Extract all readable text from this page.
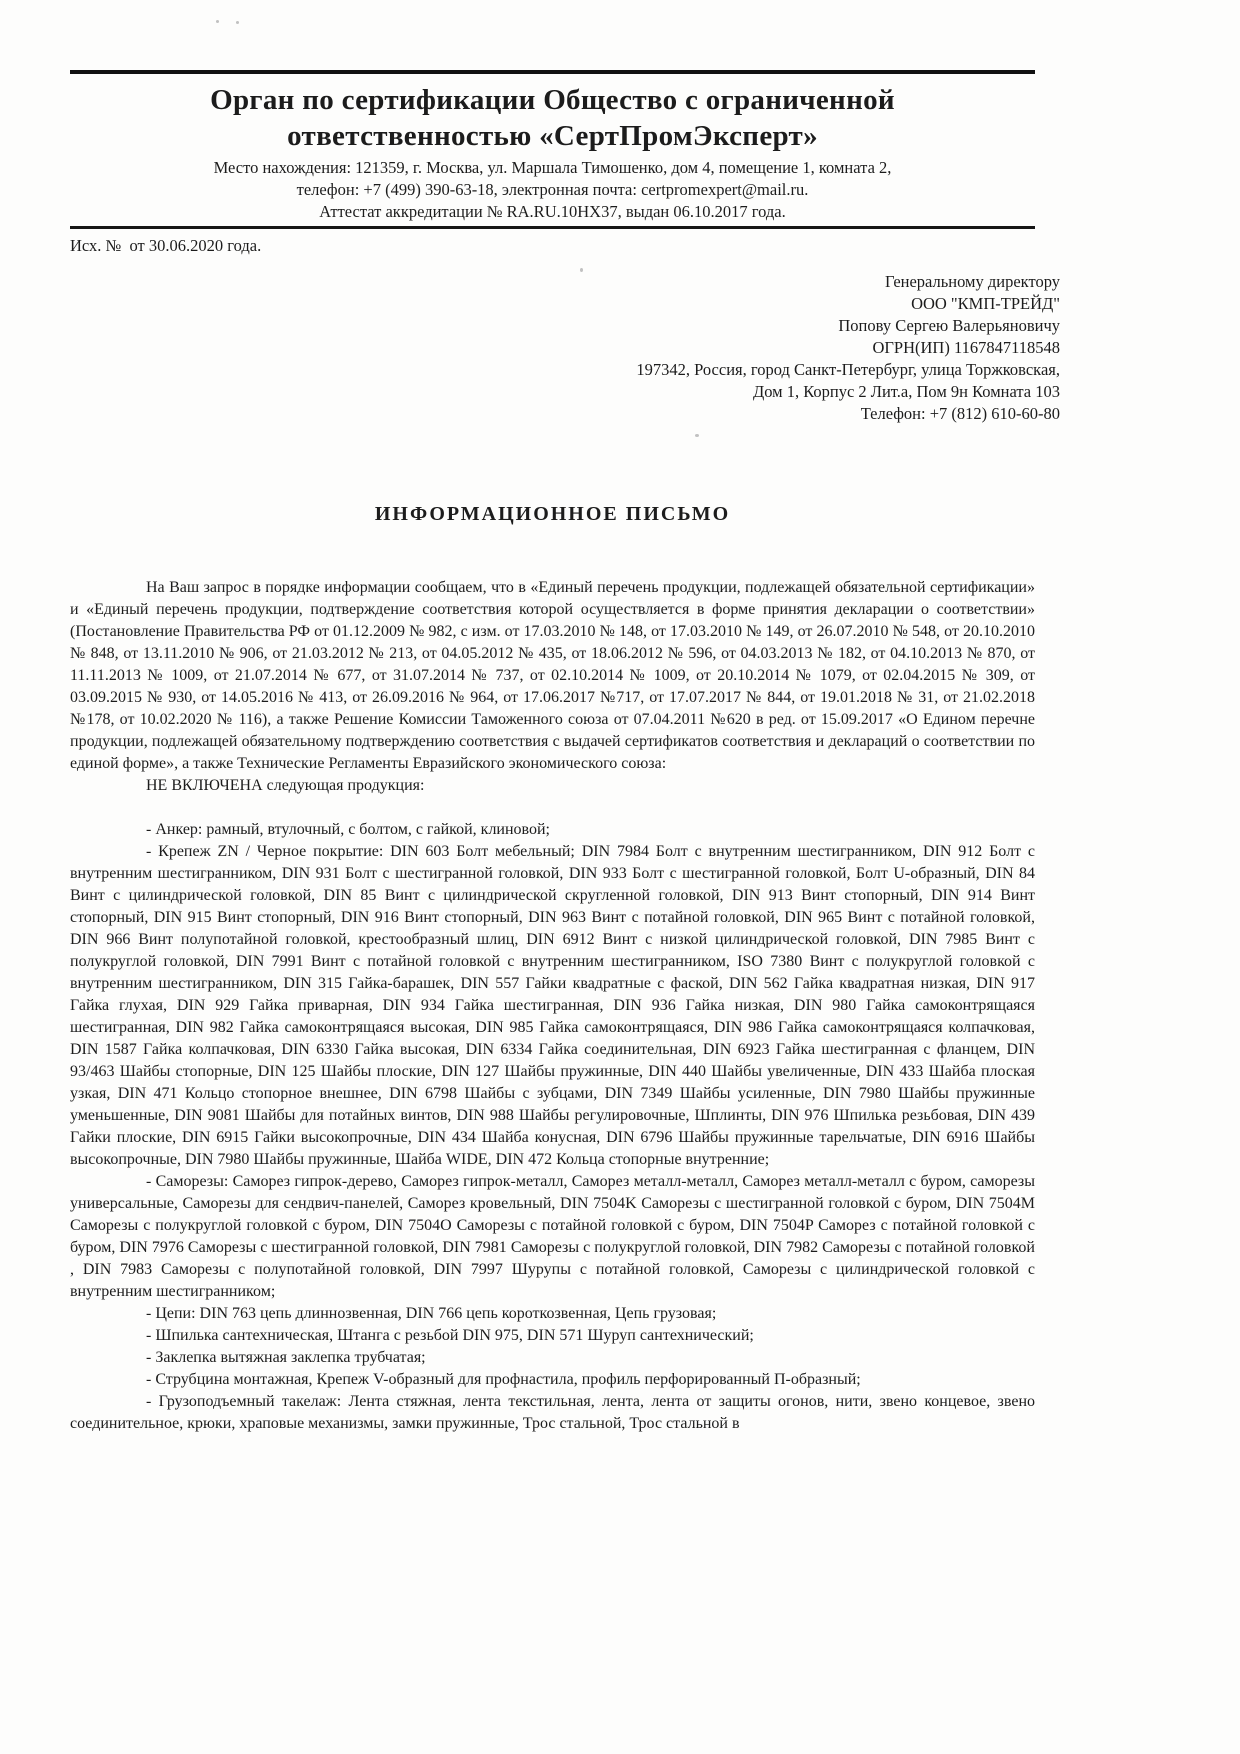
Орган по сертификации Общество с ограниченной
ответственностью «СертПромЭксперт»
Место нахождения: 121359, г. Москва, ул. Маршала Тимошенко, дом 4, помещение 1, комната 2,
телефон: +7 (499) 390-63-18, электронная почта: certpromexpert@mail.ru.
Аттестат аккредитации № RA.RU.10НХ37, выдан 06.10.2017 года.
Исх. №  от 30.06.2020 года.
Генеральному директору
ООО "КМП-ТРЕЙД"
Попову Сергею Валерьяновичу
ОГРН(ИП) 1167847118548
197342, Россия, город Санкт-Петербург, улица Торжковская,
Дом 1, Корпус 2 Лит.а, Пом 9н Комната 103
Телефон: +7 (812) 610-60-80
ИНФОРМАЦИОННОЕ ПИСЬМО

На Ваш запрос в порядке информации сообщаем, что в «Единый перечень продукции, подлежащей обязательной сертификации» и «Единый перечень продукции, подтверждение соответствия которой осуществляется в форме принятия декларации о соответствии» (Постановление Правительства РФ от 01.12.2009 № 982, с изм. от 17.03.2010 № 148, от 17.03.2010 № 149, от 26.07.2010 № 548, от 20.10.2010 № 848, от 13.11.2010 № 906, от 21.03.2012 № 213, от 04.05.2012 № 435, от 18.06.2012 № 596, от 04.03.2013 № 182, от 04.10.2013 № 870, от 11.11.2013 № 1009, от 21.07.2014 № 677, от 31.07.2014 № 737, от 02.10.2014 № 1009, от 20.10.2014 № 1079, от 02.04.2015 № 309, от 03.09.2015 № 930, от 14.05.2016 № 413, от 26.09.2016 № 964, от 17.06.2017 №717, от 17.07.2017 № 844, от 19.01.2018 № 31, от 21.02.2018 №178, от 10.02.2020 № 116), а также Решение Комиссии Таможенного союза от 07.04.2011 №620 в ред. от 15.09.2017 «О Едином перечне продукции, подлежащей обязательному подтверждению соответствия с выдачей сертификатов соответствия и деклараций о соответствии по единой форме», а также Технические Регламенты Евразийского экономического союза:

НЕ ВКЛЮЧЕНА следующая продукция:

- Анкер: рамный, втулочный, с болтом, с гайкой, клиновой;

- Крепеж ZN / Черное покрытие: DIN 603 Болт мебельный; DIN 7984 Болт с внутренним шестигранником, DIN 912 Болт с внутренним шестигранником, DIN 931 Болт с шестигранной головкой, DIN 933 Болт с шестигранной головкой, Болт U-образный, DIN 84 Винт с цилиндрической головкой, DIN 85 Винт с цилиндрической скругленной головкой, DIN 913 Винт стопорный, DIN 914 Винт стопорный, DIN 915 Винт стопорный, DIN 916 Винт стопорный, DIN 963 Винт с потайной головкой, DIN 965 Винт с потайной головкой, DIN 966 Винт полупотайной головкой, крестообразный шлиц, DIN 6912 Винт с низкой цилиндрической головкой, DIN 7985 Винт с полукруглой головкой, DIN 7991 Винт с потайной головкой с внутренним шестигранником, ISO 7380 Винт с полукруглой головкой с внутренним шестигранником, DIN 315 Гайка-барашек, DIN 557 Гайки квадратные с фаской, DIN 562 Гайка квадратная низкая, DIN 917 Гайка глухая, DIN 929 Гайка приварная, DIN 934 Гайка шестигранная, DIN 936 Гайка низкая, DIN 980 Гайка самоконтрящаяся шестигранная, DIN 982 Гайка самоконтрящаяся высокая, DIN 985 Гайка самоконтрящаяся, DIN 986 Гайка самоконтрящаяся колпачковая, DIN 1587 Гайка колпачковая, DIN 6330 Гайка высокая, DIN 6334 Гайка соединительная, DIN 6923 Гайка шестигранная с фланцем, DIN 93/463 Шайбы стопорные, DIN 125 Шайбы плоские, DIN 127 Шайбы пружинные, DIN 440 Шайбы увеличенные, DIN 433 Шайба плоская узкая, DIN 471 Кольцо стопорное внешнее, DIN 6798 Шайбы с зубцами, DIN 7349 Шайбы усиленные, DIN 7980 Шайбы пружинные уменьшенные, DIN 9081 Шайбы для потайных винтов, DIN 988 Шайбы регулировочные, Шплинты, DIN 976 Шпилька резьбовая, DIN 439 Гайки плоские, DIN 6915 Гайки высокопрочные, DIN 434 Шайба конусная, DIN 6796 Шайбы пружинные тарельчатые, DIN 6916 Шайбы высокопрочные, DIN 7980 Шайбы пружинные, Шайба WIDE, DIN 472 Кольца стопорные внутренние;

- Саморезы: Саморез гипрок-дерево, Саморез гипрок-металл, Саморез металл-металл, Саморез металл-металл с буром, саморезы универсальные, Саморезы для сендвич-панелей, Саморез кровельный, DIN 7504K Саморезы с шестигранной головкой с буром, DIN 7504M Саморезы с полукруглой головкой с буром, DIN 7504O Саморезы с потайной головкой с буром, DIN 7504P Саморез с потайной головкой с буром, DIN 7976 Саморезы с шестигранной головкой, DIN 7981 Саморезы с полукруглой головкой, DIN 7982 Саморезы с потайной головкой , DIN 7983 Саморезы с полупотайной головкой, DIN 7997 Шурупы с потайной головкой, Саморезы с цилиндрической головкой с внутренним шестигранником;

- Цепи: DIN 763 цепь длиннозвенная, DIN 766 цепь короткозвенная, Цепь грузовая;

- Шпилька сантехническая, Штанга с резьбой DIN 975, DIN 571 Шуруп сантехнический;

- Заклепка вытяжная заклепка трубчатая;

- Струбцина монтажная, Крепеж V-образный для профнастила, профиль перфорированный П-образный;

- Грузоподъемный такелаж: Лента стяжная, лента текстильная, лента, лента от защиты огонов, нити, звено концевое, звено соединительное, крюки, храповые механизмы, замки пружинные, Трос стальной, Трос стальной в
